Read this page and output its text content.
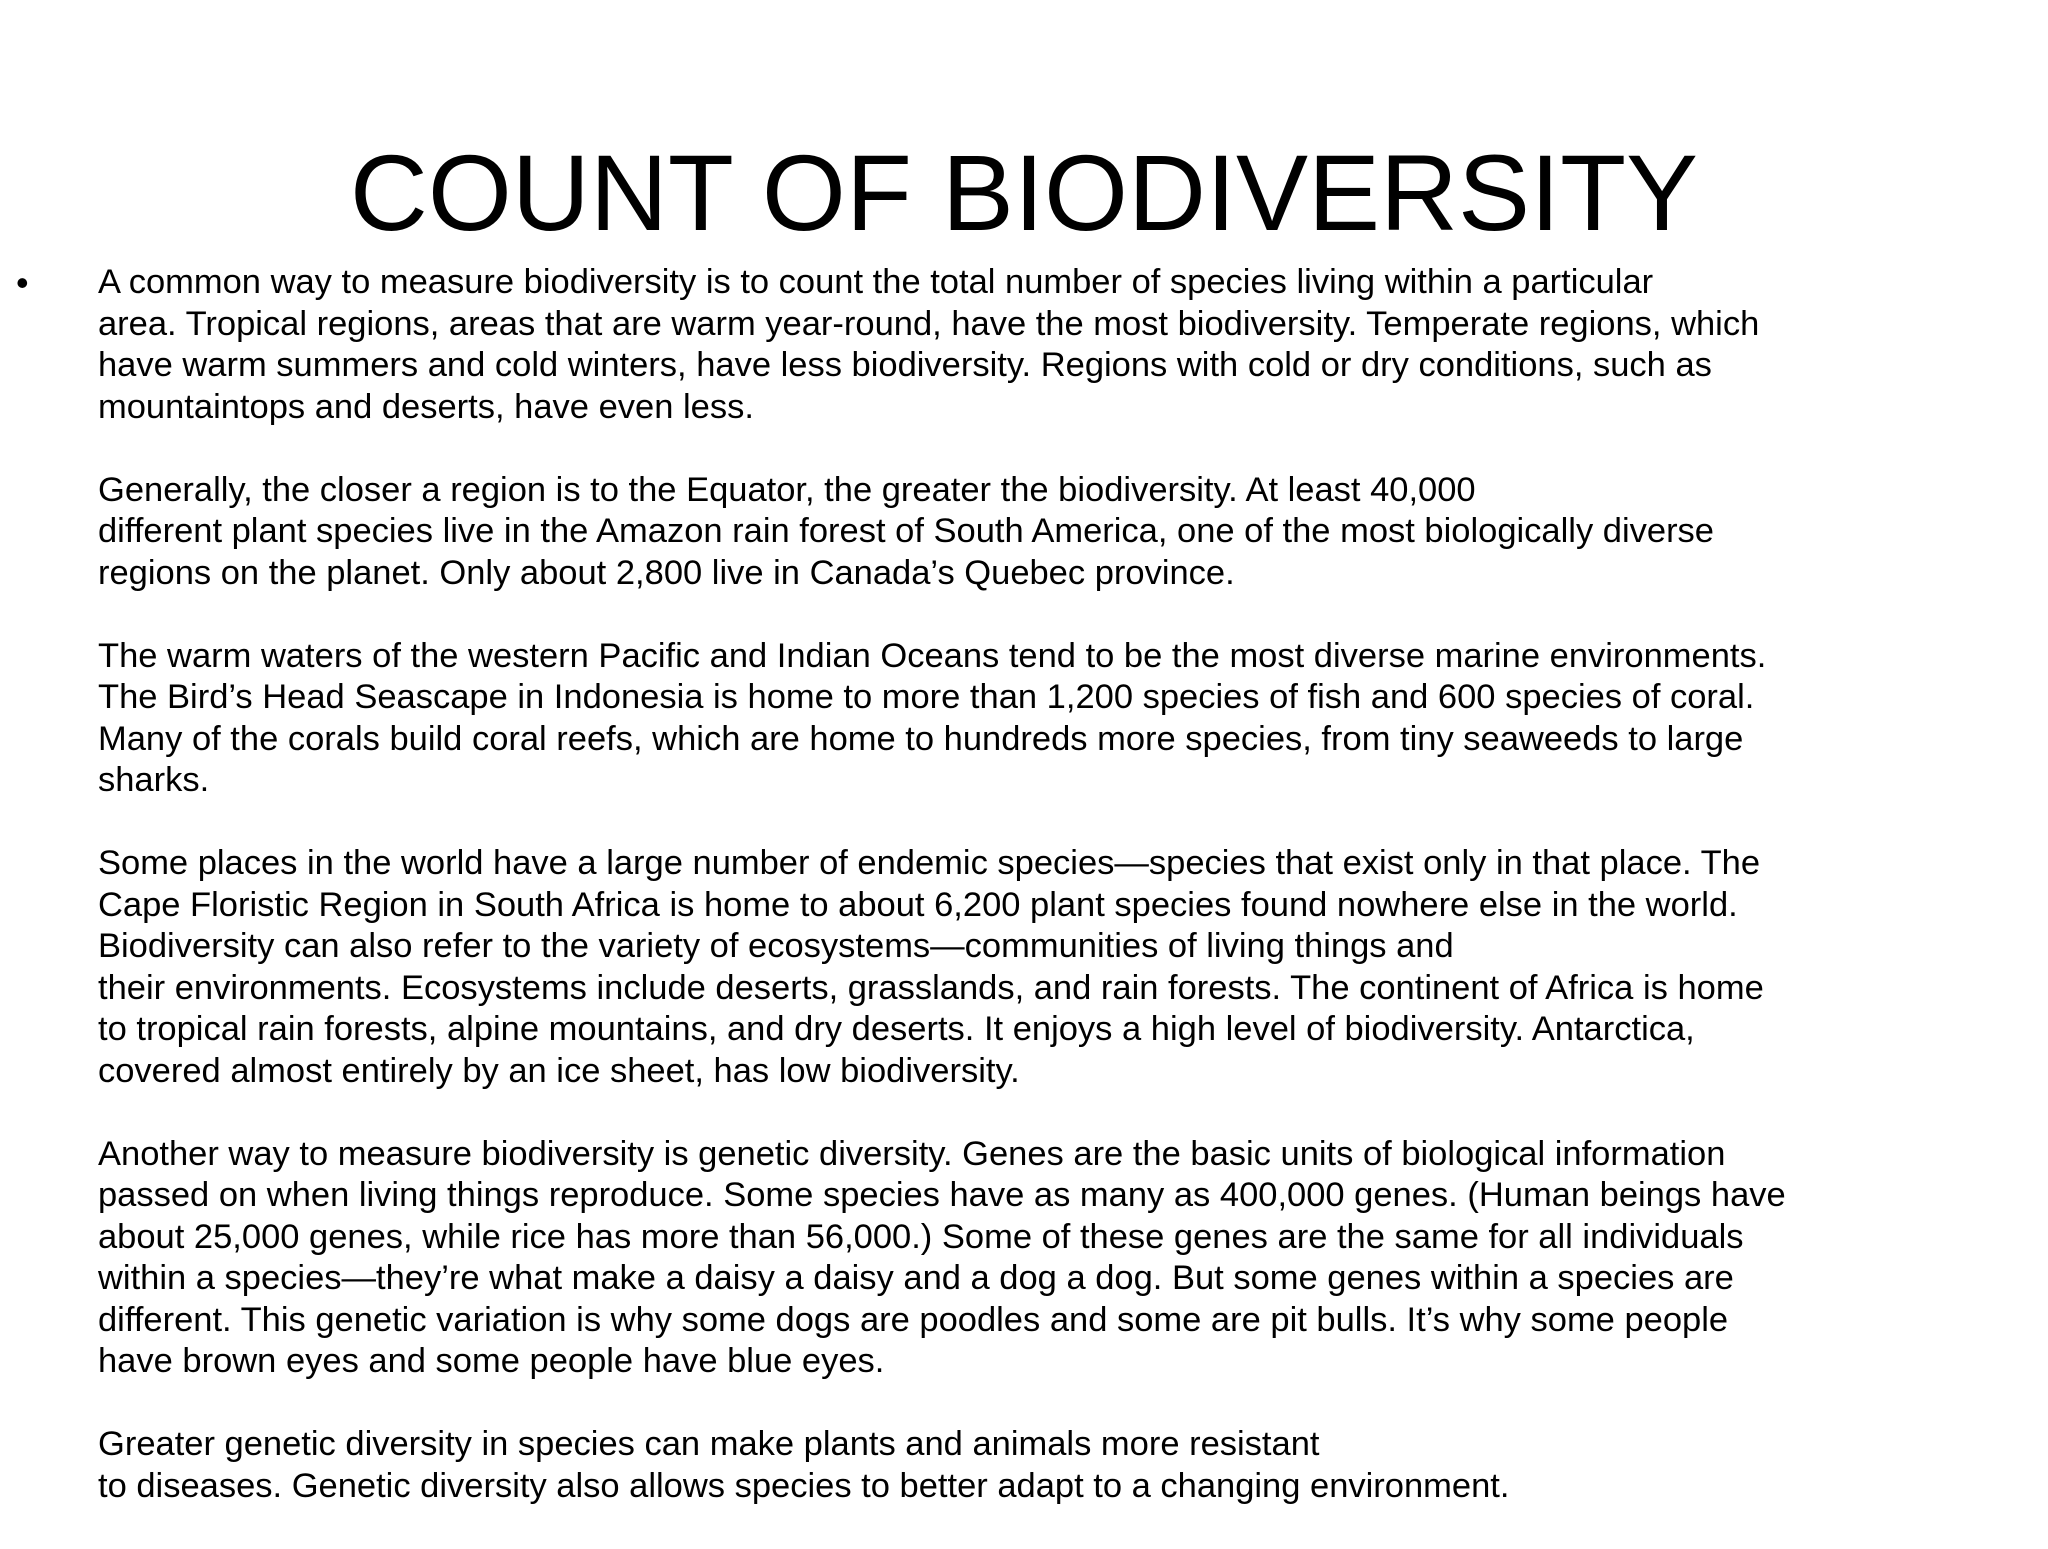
COUNT OF BIODIVERSITY
• A common way to measure biodiversity is to count the total number of species living within a particular
area. Tropical regions, areas that are warm year-round, have the most biodiversity. Temperate regions, which
have warm summers and cold winters, have less biodiversity. Regions with cold or dry conditions, such as
mountaintops and deserts, have even less.

Generally, the closer a region is to the Equator, the greater the biodiversity. At least 40,000
different plant species live in the Amazon rain forest of South America, one of the most biologically diverse
regions on the planet. Only about 2,800 live in Canada’s Quebec province.

The warm waters of the western Pacific and Indian Oceans tend to be the most diverse marine environments.
The Bird’s Head Seascape in Indonesia is home to more than 1,200 species of fish and 600 species of coral.
Many of the corals build coral reefs, which are home to hundreds more species, from tiny seaweeds to large
sharks.

Some places in the world have a large number of endemic species—species that exist only in that place. The
Cape Floristic Region in South Africa is home to about 6,200 plant species found nowhere else in the world.
Biodiversity can also refer to the variety of ecosystems—communities of living things and
their environments. Ecosystems include deserts, grasslands, and rain forests. The continent of Africa is home
to tropical rain forests, alpine mountains, and dry deserts. It enjoys a high level of biodiversity. Antarctica,
covered almost entirely by an ice sheet, has low biodiversity.

Another way to measure biodiversity is genetic diversity. Genes are the basic units of biological information
passed on when living things reproduce. Some species have as many as 400,000 genes. (Human beings have
about 25,000 genes, while rice has more than 56,000.) Some of these genes are the same for all individuals
within a species—they’re what make a daisy a daisy and a dog a dog. But some genes within a species are
different. This genetic variation is why some dogs are poodles and some are pit bulls. It’s why some people
have brown eyes and some people have blue eyes.

Greater genetic diversity in species can make plants and animals more resistant
to diseases. Genetic diversity also allows species to better adapt to a changing environment.
